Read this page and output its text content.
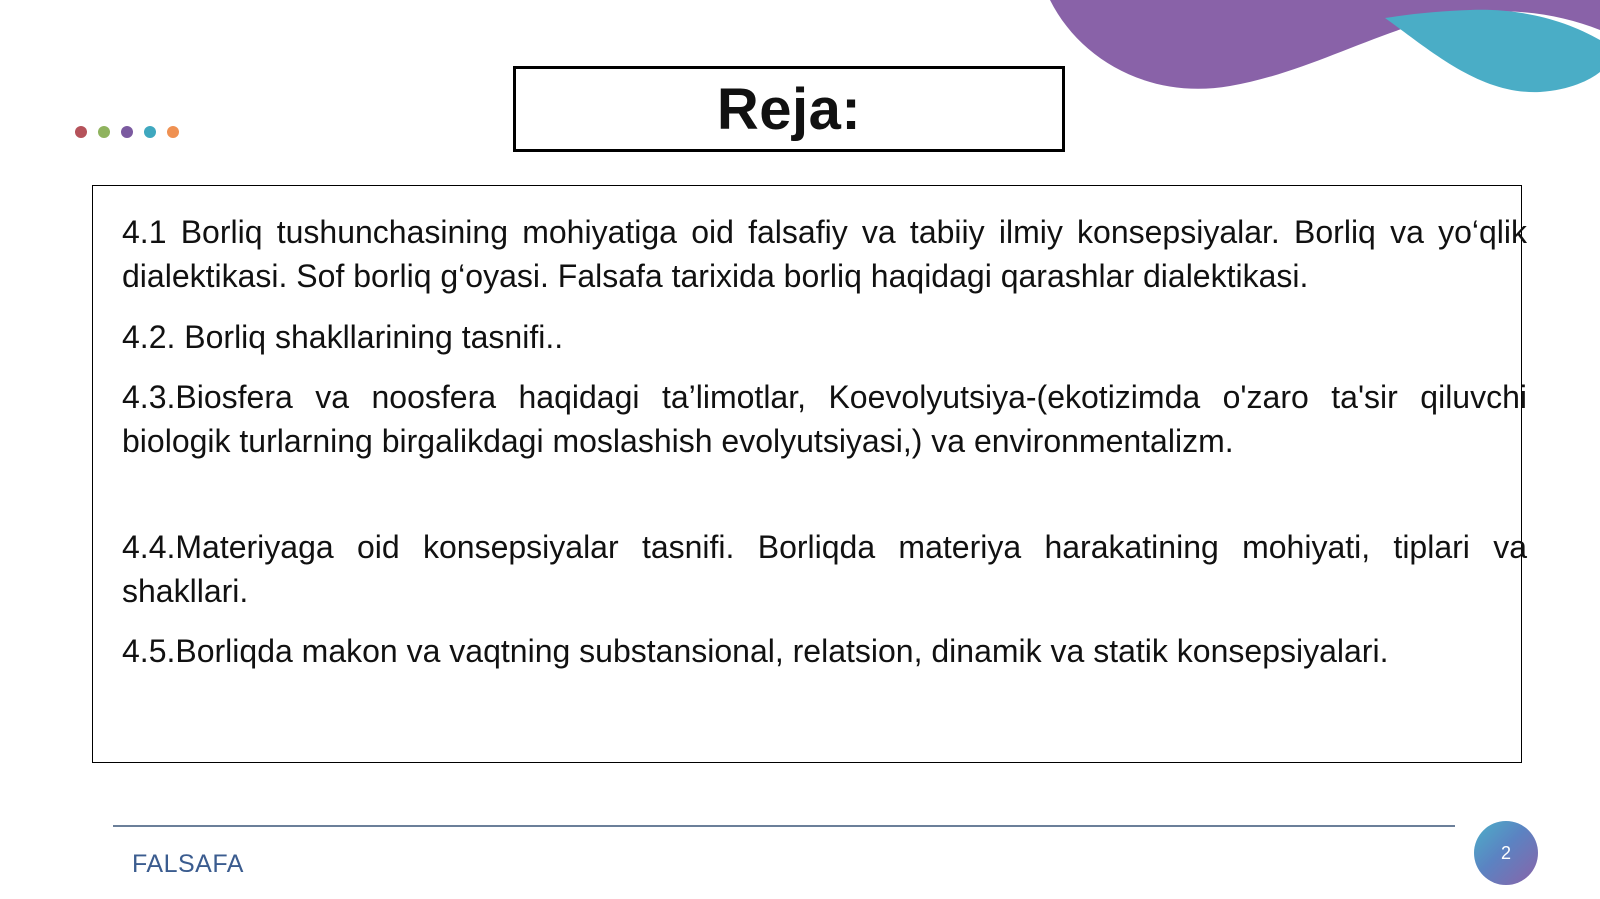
Reja:

4.1 Borliq tushunchasining mohiyatiga oid falsafiy va tabiiy ilmiy konsepsiyalar. Borliq va yo‘qlik dialektikasi. Sof borliq g‘oyasi. Falsafa tarixida borliq haqidagi qarashlar dialektikasi.

4.2. Borliq shakllarining tasnifi..

4.3.Biosfera va noosfera haqidagi ta’limotlar, Koevolyutsiya-(ekotizimda o'zaro ta'sir qiluvchi biologik turlarning birgalikdagi moslashish evolyutsiyasi,) va environmentalizm.

4.4.Materiyaga oid konsepsiyalar tasnifi. Borliqda materiya harakatining mohiyati, tiplari va shakllari.

4.5.Borliqda makon va vaqtning substansional, relatsion, dinamik va statik konsepsiyalari.

FALSAFA	2
